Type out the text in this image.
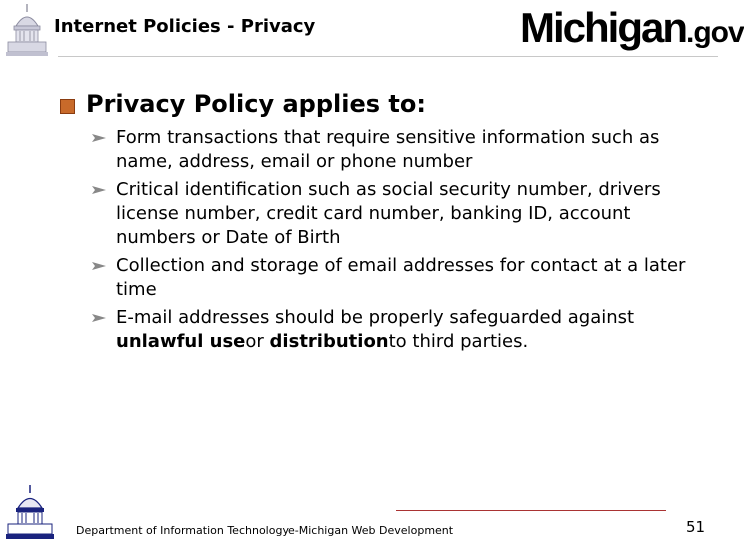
Internet Policies - Privacy	Michigan.gov
Privacy Policy applies to:
Form transactions that require sensitive information such as name, address, email or phone number
Critical identification such as social security number, drivers license number, credit card number, banking ID, account numbers or Date of Birth
Collection and storage of email addresses for contact at a later time
E-mail addresses should be properly safeguarded against unlawful useor distributionto third parties.
Department of Information Technology e-Michigan Web Development	51
